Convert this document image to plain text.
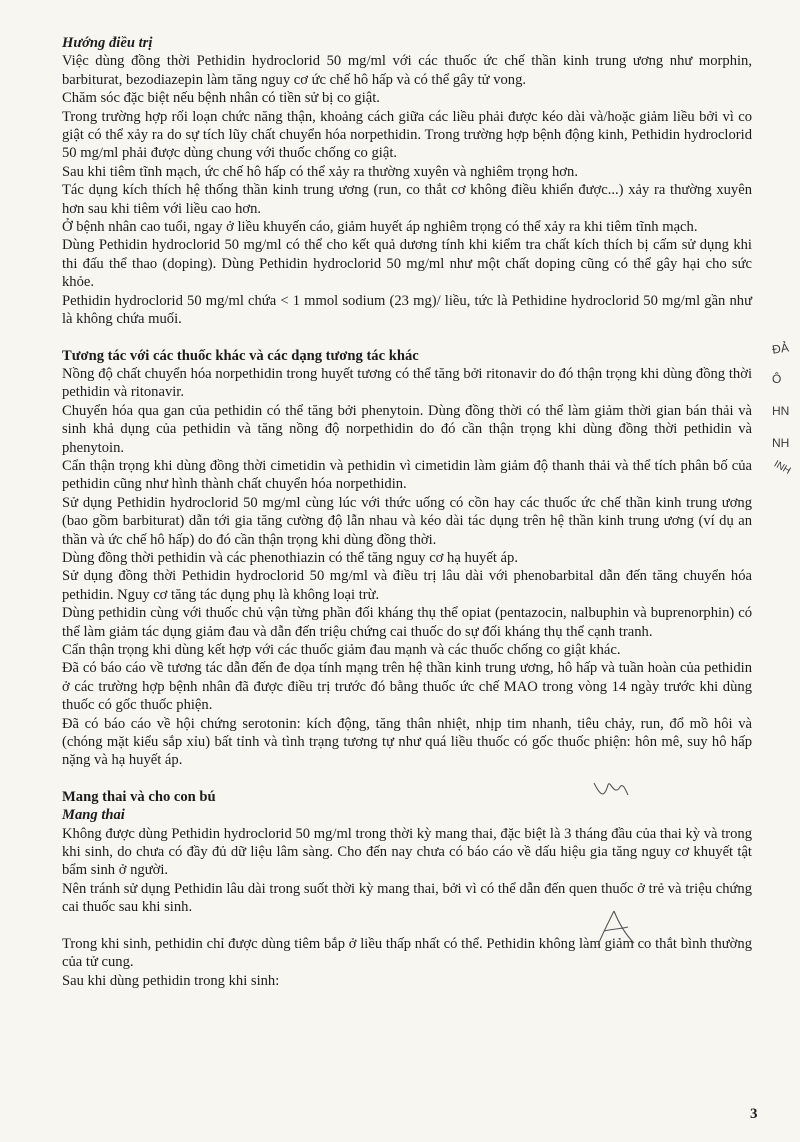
Hướng điều trị

Việc dùng đồng thời Pethidin hydroclorid 50 mg/ml với các thuốc ức chế thần kinh trung ương như morphin, barbiturat, bezodiazepin làm tăng nguy cơ ức chế hô hấp và có thể gây tử vong.

Chăm sóc đặc biệt nếu bệnh nhân có tiền sử bị co giật.

Trong trường hợp rối loạn chức năng thận, khoảng cách giữa các liều phải được kéo dài và/hoặc giảm liều bởi vì co giật có thể xảy ra do sự tích lũy chất chuyển hóa norpethidin. Trong trường hợp bệnh động kinh, Pethidin hydroclorid 50 mg/ml phải được dùng chung với thuốc chống co giật.

Sau khi tiêm tĩnh mạch, ức chế hô hấp có thể xảy ra thường xuyên và nghiêm trọng hơn.

Tác dụng kích thích hệ thống thần kinh trung ương (run, co thắt cơ không điều khiển được...) xảy ra thường xuyên hơn sau khi tiêm với liều cao hơn.

Ở bệnh nhân cao tuổi, ngay ở liều khuyến cáo, giảm huyết áp nghiêm trọng có thể xảy ra khi tiêm tĩnh mạch.

Dùng Pethidin hydroclorid 50 mg/ml có thể cho kết quả dương tính khi kiểm tra chất kích thích bị cấm sử dụng khi thi đấu thể thao (doping). Dùng Pethidin hydroclorid 50 mg/ml như một chất doping cũng có thể gây hại cho sức khỏe.

Pethidin hydroclorid 50 mg/ml chứa < 1 mmol sodium (23 mg)/ liều, tức là Pethidine hydroclorid 50 mg/ml gần như là không chứa muối.

Tương tác với các thuốc khác và các dạng tương tác khác

Nồng độ chất chuyển hóa norpethidin trong huyết tương có thể tăng bởi ritonavir do đó thận trọng khi dùng đồng thời pethidin và ritonavir.

Chuyển hóa qua gan của pethidin có thể tăng bởi phenytoin. Dùng đồng thời có thể làm giảm thời gian bán thải và sinh khả dụng của pethidin và tăng nồng độ norpethidin do đó cần thận trọng khi dùng đồng thời pethidin và phenytoin.

Cẩn thận trọng khi dùng đồng thời cimetidin và pethidin vì cimetidin làm giảm độ thanh thải và thể tích phân bố của pethidin cũng như hình thành chất chuyển hóa norpethidin.

Sử dụng Pethidin hydroclorid 50 mg/ml cùng lúc với thức uống có cồn hay các thuốc ức chế thần kinh trung ương (bao gồm barbiturat) dẫn tới gia tăng cường độ lẫn nhau và kéo dài tác dụng trên hệ thần kinh trung ương (ví dụ an thần và ức chế hô hấp) do đó cần thận trọng khi dùng đồng thời.

Dùng đồng thời pethidin và các phenothiazin có thể tăng nguy cơ hạ huyết áp.

Sử dụng đồng thời Pethidin hydroclorid 50 mg/ml và điều trị lâu dài với phenobarbital dẫn đến tăng chuyển hóa pethidin. Nguy cơ tăng tác dụng phụ là không loại trừ.

Dùng pethidin cùng với thuốc chủ vận từng phần đối kháng thụ thể opiat (pentazocin, nalbuphin và buprenorphin) có thể làm giảm tác dụng giảm đau và dẫn đến triệu chứng cai thuốc do sự đối kháng thụ thể cạnh tranh.

Cẩn thận trọng khi dùng kết hợp với các thuốc giảm đau mạnh và các thuốc chống co giật khác.

Đã có báo cáo về tương tác dẫn đến đe dọa tính mạng trên hệ thần kinh trung ương, hô hấp và tuần hoàn của pethidin ở các trường hợp bệnh nhân đã được điều trị trước đó bằng thuốc ức chế MAO trong vòng 14 ngày trước khi dùng thuốc có gốc thuốc phiện.

Đã có báo cáo về hội chứng serotonin: kích động, tăng thân nhiệt, nhịp tim nhanh, tiêu chảy, run, đổ mồ hôi và (chóng mặt kiểu sắp xỉu) bất tỉnh và tình trạng tương tự như quá liều thuốc có gốc thuốc phiện: hôn mê, suy hô hấp nặng và hạ huyết áp.

Mang thai và cho con bú
Mang thai

Không được dùng Pethidin hydroclorid 50 mg/ml trong thời kỳ mang thai, đặc biệt là 3 tháng đầu của thai kỳ và trong khi sinh, do chưa có đầy đủ dữ liệu lâm sàng. Cho đến nay chưa có báo cáo về dấu hiệu gia tăng nguy cơ khuyết tật bẩm sinh ở người.

Nên tránh sử dụng Pethidin lâu dài trong suốt thời kỳ mang thai, bởi vì có thể dẫn đến quen thuốc ở trẻ và triệu chứng cai thuốc sau khi sinh.

Trong khi sinh, pethidin chỉ được dùng tiêm bắp ở liều thấp nhất có thể. Pethidin không làm giảm co thắt bình thường của tử cung.

Sau khi dùng pethidin trong khi sinh:

ĐẢ
Ô
HN
NH
INH
3
